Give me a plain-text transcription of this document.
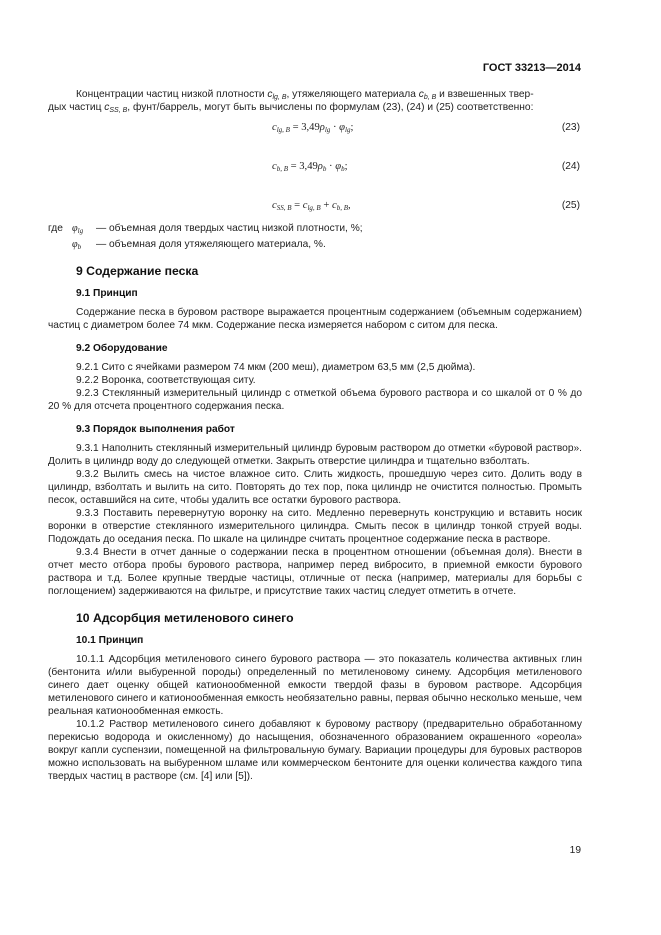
ГОСТ 33213—2014

Концентрации частиц низкой плотности $c_{lg, B}$, утяжеляющего материала $c_{b, B}$ и взвешенных твер-

дых частиц $c_{SS, B}$, фунт/баррель, могут быть вычислены по формулам (23), (24) и (25) соответственно:

$c_{lg, B} = 3,49\rho_{lg} \cdot \varphi_{lg}$;	(23)
$c_{b, B} = 3,49\rho_b \cdot \varphi_b$;	(24)
$c_{SS, B} = c_{lg, B} + c_{b, B}$,	(25)
где $\varphi_{lg}$	— объемная доля твердых частиц низкой плотности, %;
$\varphi_b$	— объемная доля утяжеляющего материала, %.
9 Содержание песка
9.1 Принцип

Содержание песка в буровом растворе выражается процентным содержанием (объемным содержанием) частиц с диаметром более 74 мкм. Содержание песка измеряется набором с ситом для песка.

9.2 Оборудование

9.2.1 Сито с ячейками размером 74 мкм (200 меш), диаметром 63,5 мм (2,5 дюйма).

9.2.2 Воронка, соответствующая ситу.

9.2.3 Стеклянный измерительный цилиндр с отметкой объема бурового раствора и со шкалой от 0 % до 20 % для отсчета процентного содержания песка.

9.3 Порядок выполнения работ

9.3.1 Наполнить стеклянный измерительный цилиндр буровым раствором до отметки «буровой раствор». Долить в цилиндр воду до следующей отметки. Закрыть отверстие цилиндра и тщательно взболтать.

9.3.2 Вылить смесь на чистое влажное сито. Слить жидкость, прошедшую через сито. Долить воду в цилиндр, взболтать и вылить на сито. Повторять до тех пор, пока цилиндр не очистится полностью. Промыть песок, оставшийся на сите, чтобы удалить все остатки бурового раствора.

9.3.3 Поставить перевернутую воронку на сито. Медленно перевернуть конструкцию и вставить носик воронки в отверстие стеклянного измерительного цилиндра. Смыть песок в цилиндр тонкой струей воды. Подождать до оседания песка. По шкале на цилиндре считать процентное содержание песка в растворе.

9.3.4 Внести в отчет данные о содержании песка в процентном отношении (объемная доля). Внести в отчет место отбора пробы бурового раствора, например перед вибросито, в приемной емкости бурового раствора и т.д. Более крупные твердые частицы, отличные от песка (например, материалы для борьбы с поглощением) задерживаются на фильтре, и присутствие таких частиц следует отметить в отчете.

10 Адсорбция метиленового синего
10.1 Принцип

10.1.1 Адсорбция метиленового синего бурового раствора — это показатель количества активных глин (бентонита и/или выбуренной породы) определенный по метиленовому синему. Адсорбция метиленового синего дает оценку общей катионообменной емкости твердой фазы в буровом растворе. Адсорбция метиленового синего и катионообменная емкость необязательно равны, первая обычно несколько меньше, чем реальная катионообменная емкость.

10.1.2 Раствор метиленового синего добавляют к буровому раствору (предварительно обработанному перекисью водорода и окисленному) до насыщения, обозначенного образованием окрашенного «ореола» вокруг капли суспензии, помещенной на фильтровальную бумагу. Вариации процедуры для буровых растворов можно использовать на выбуренном шламе или коммерческом бентоните для оценки количества каждого типа твердых частиц в растворе (см. [4] или [5]).

19
